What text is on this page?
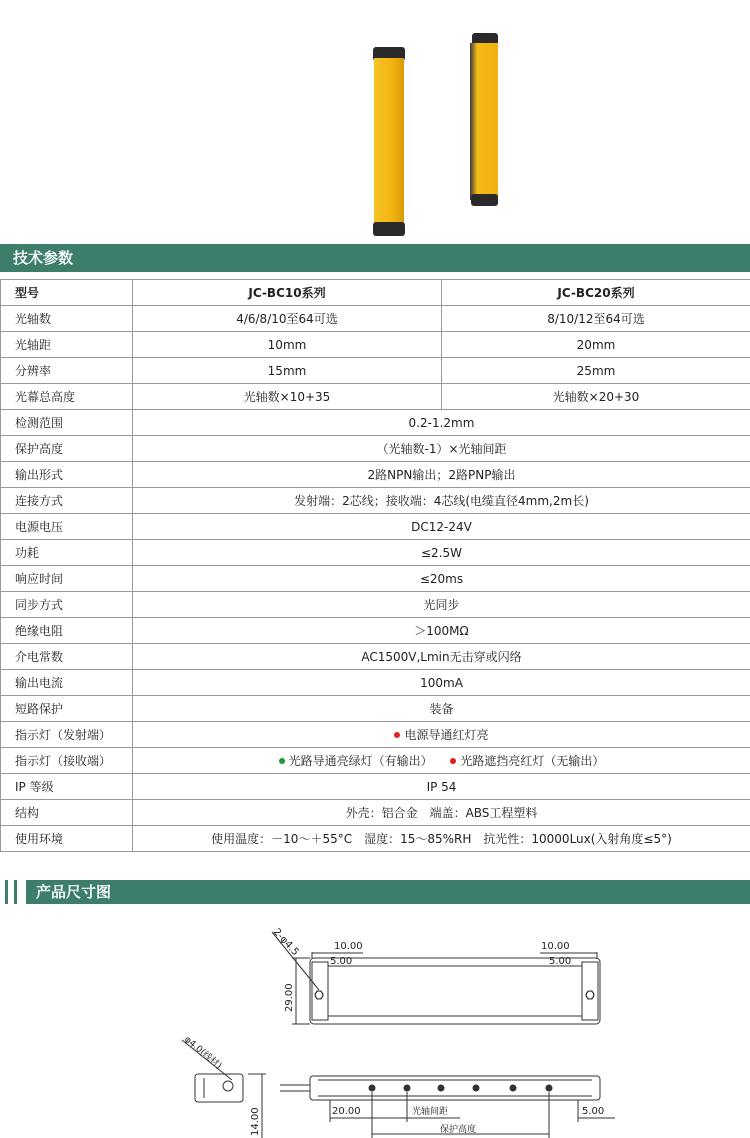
技术参数
型号	JC-BC10系列	JC-BC20系列
光轴数	4/6/8/10至64可选	8/10/12至64可选
光轴距	10mm	20mm
分辨率	15mm	25mm
光幕总高度	光轴数×10+35	光轴数×20+30
检测范围	0.2-1.2mm	
保护高度	（光轴数-1）×光轴间距	
输出形式	2路NPN输出；2路PNP输出	
连接方式	发射端：2芯线；接收端：4芯线(电缆直径4mm,2m长)	
电源电压	DC12-24V	
功耗	≤2.5W	
响应时间	≤20ms	
同步方式	光同步	
绝缘电阻	＞100MΩ	
介电常数	AC1500V,Lmin无击穿或闪络	
输出电流	100mA	
短路保护	装备	
指示灯（发射端）	电源导通红灯亮	
指示灯（接收端）	光路导通亮绿灯（有输出） 光路遮挡亮红灯（无输出）	
IP 等级	IP 54	
结构	外壳：铝合金　端盖：ABS工程塑料	
使用环境	使用温度：－10～＋55°C　湿度：15～85%RH　抗光性：10000Lux(入射角度≤5°)	
产品尺寸图
10.00
5.00
10.00
5.00
29.00
2-φ4.5
φ4.0(线材)
20.00	光轴间距	5.00
保护高度
14.00
